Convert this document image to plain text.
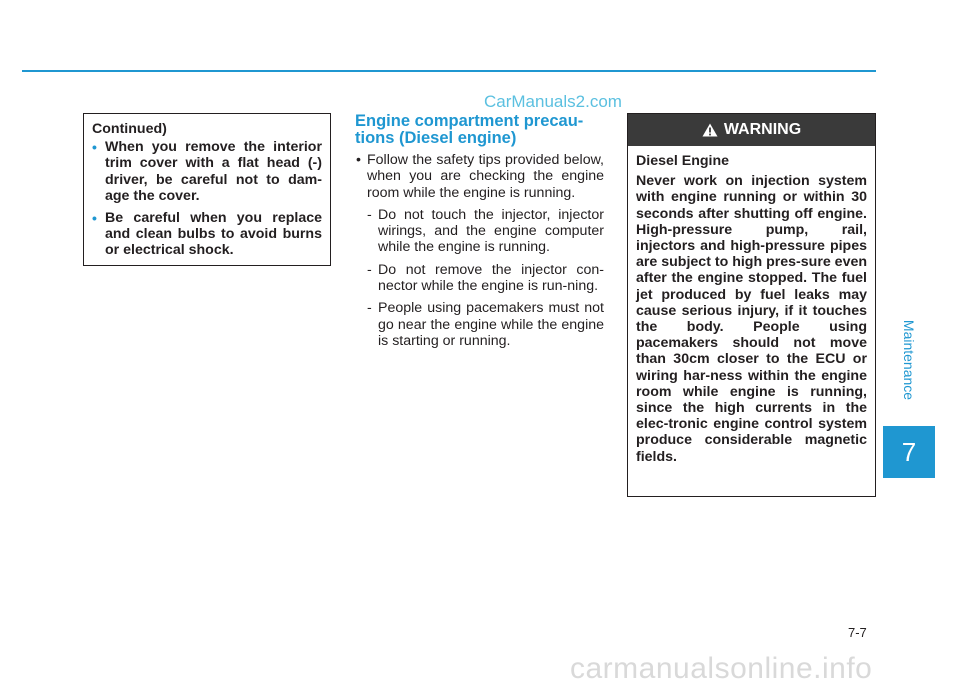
CarManuals2.com
Maintenance
7
Continued)
• When you remove the interior trim cover with a flat head (-) driver, be careful not to dam-age the cover.
• Be careful when you replace and clean bulbs to avoid burns or electrical shock.
Engine compartment precau-tions (Diesel engine)
• Follow the safety tips provided below, when you are checking the engine room while the engine is running.
- Do not touch the injector, injector wirings, and the engine computer while the engine is running.
- Do not remove the injector con-nector while the engine is run-ning.
- People using pacemakers must not go near the engine while the engine is starting or running.
WARNING
Diesel Engine
Never work on injection system with engine running or within 30 seconds after shutting off engine. High-pressure pump, rail, injectors and high-pressure pipes are subject to high pres-sure even after the engine stopped. The fuel jet produced by fuel leaks may cause serious injury, if it touches the body. People using pacemakers should not move than 30cm closer to the ECU or wiring har-ness within the engine room while engine is running, since the high currents in the elec-tronic engine control system produce considerable magnetic fields.
7-7
carmanualsonline.info
